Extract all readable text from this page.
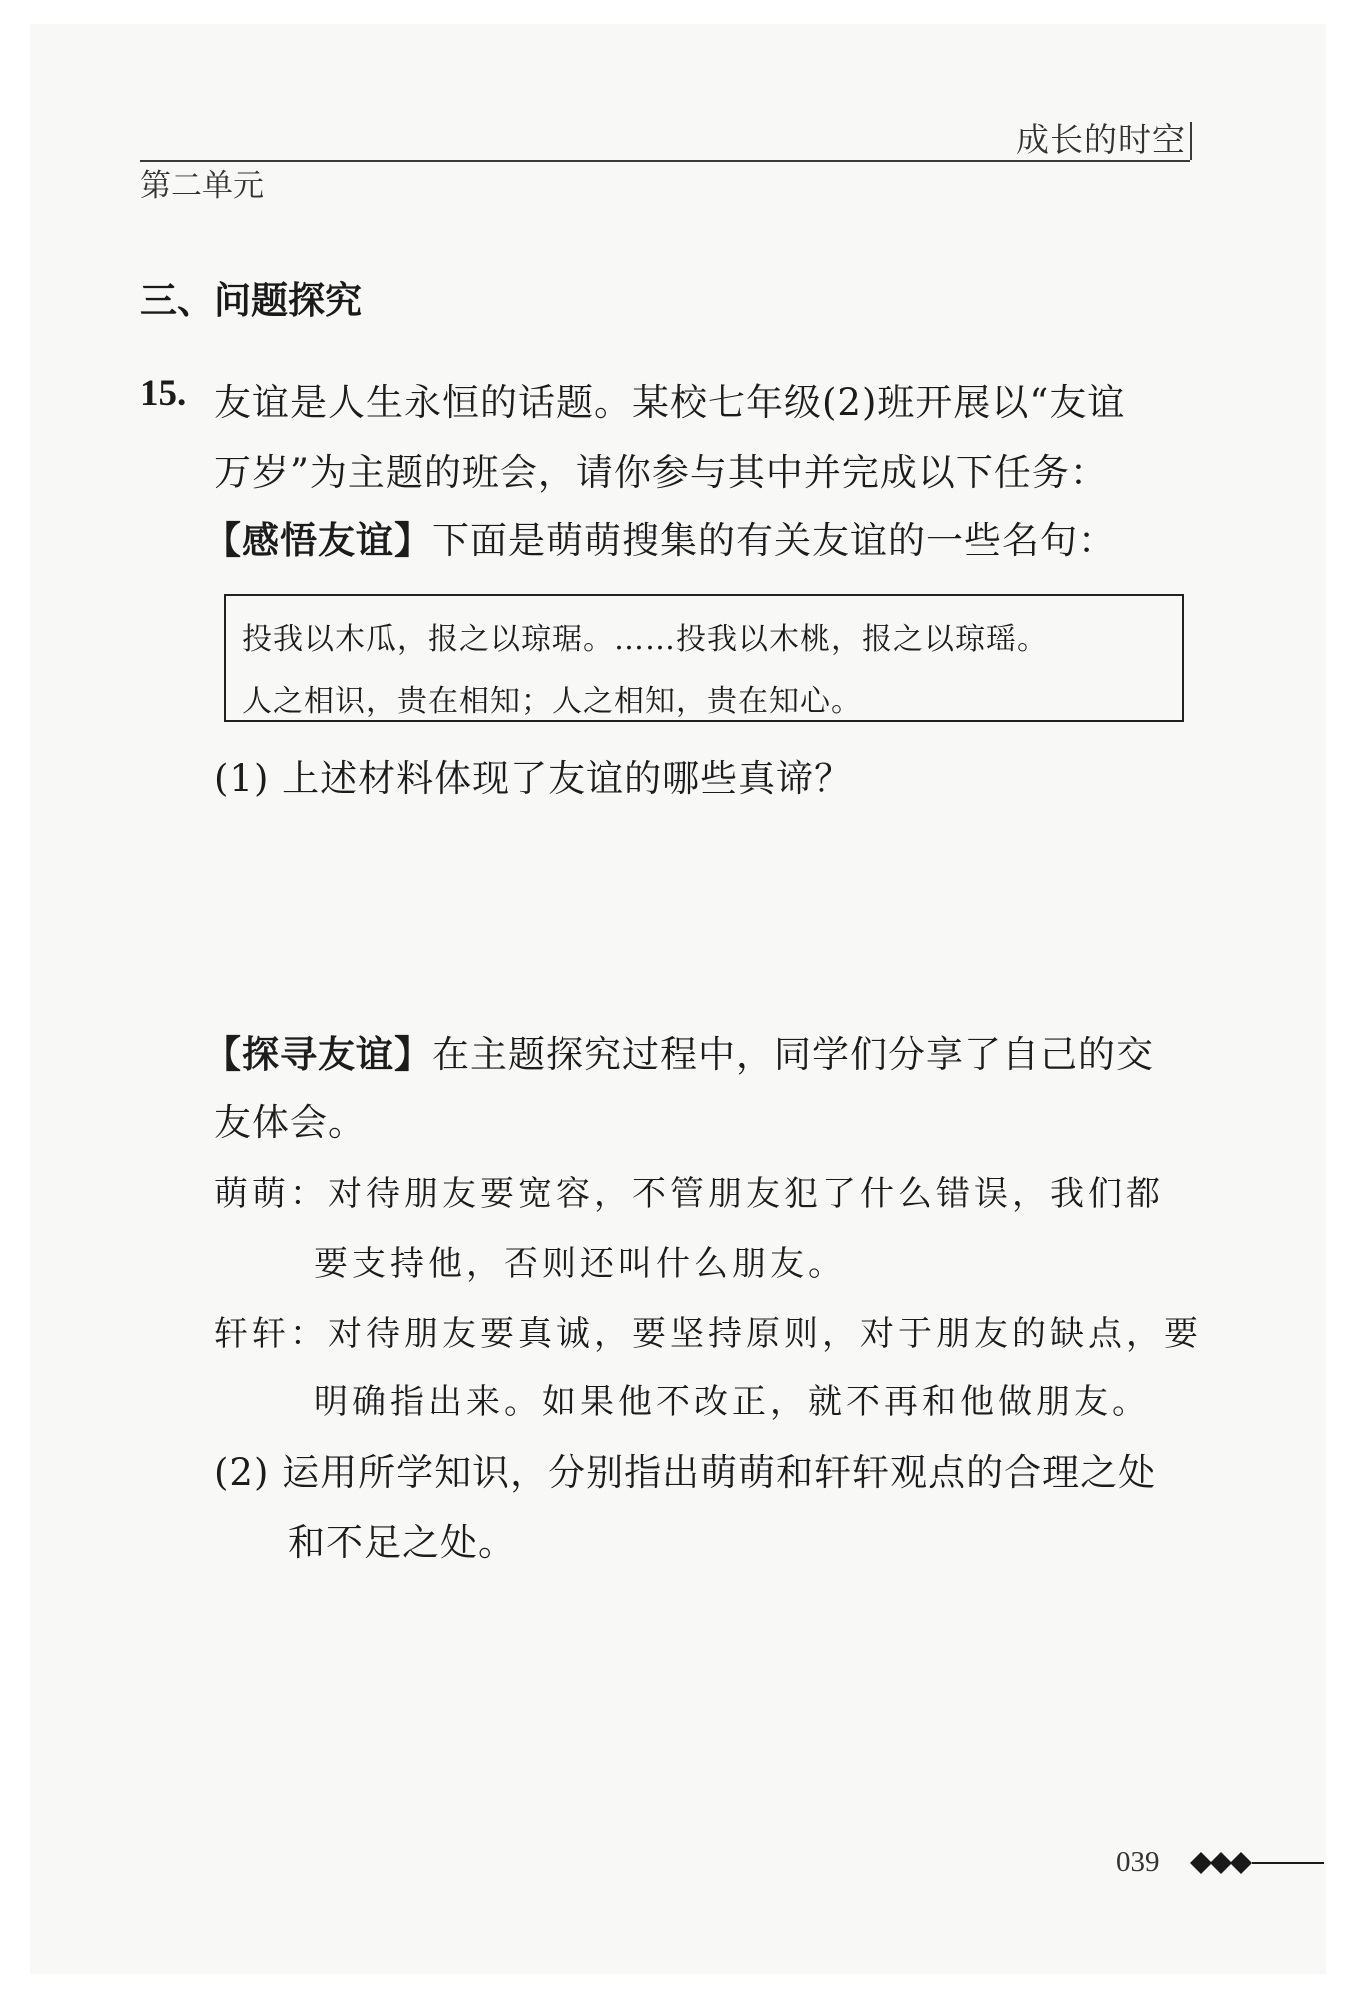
成长的时空
第二单元
三、问题探究
15. 友谊是人生永恒的话题。某校七年级(2)班开展以“友谊
万岁”为主题的班会，请你参与其中并完成以下任务：
【感悟友谊】下面是萌萌搜集的有关友谊的一些名句：
投我以木瓜，报之以琼琚。……投我以木桃，报之以琼瑶。
人之相识，贵在相知；人之相知，贵在知心。
(1) 上述材料体现了友谊的哪些真谛？
【探寻友谊】在主题探究过程中，同学们分享了自己的交
友体会。
萌萌：对待朋友要宽容，不管朋友犯了什么错误，我们都
要支持他，否则还叫什么朋友。
轩轩：对待朋友要真诚，要坚持原则，对于朋友的缺点，要
明确指出来。如果他不改正，就不再和他做朋友。
(2) 运用所学知识，分别指出萌萌和轩轩观点的合理之处
和不足之处。
039
